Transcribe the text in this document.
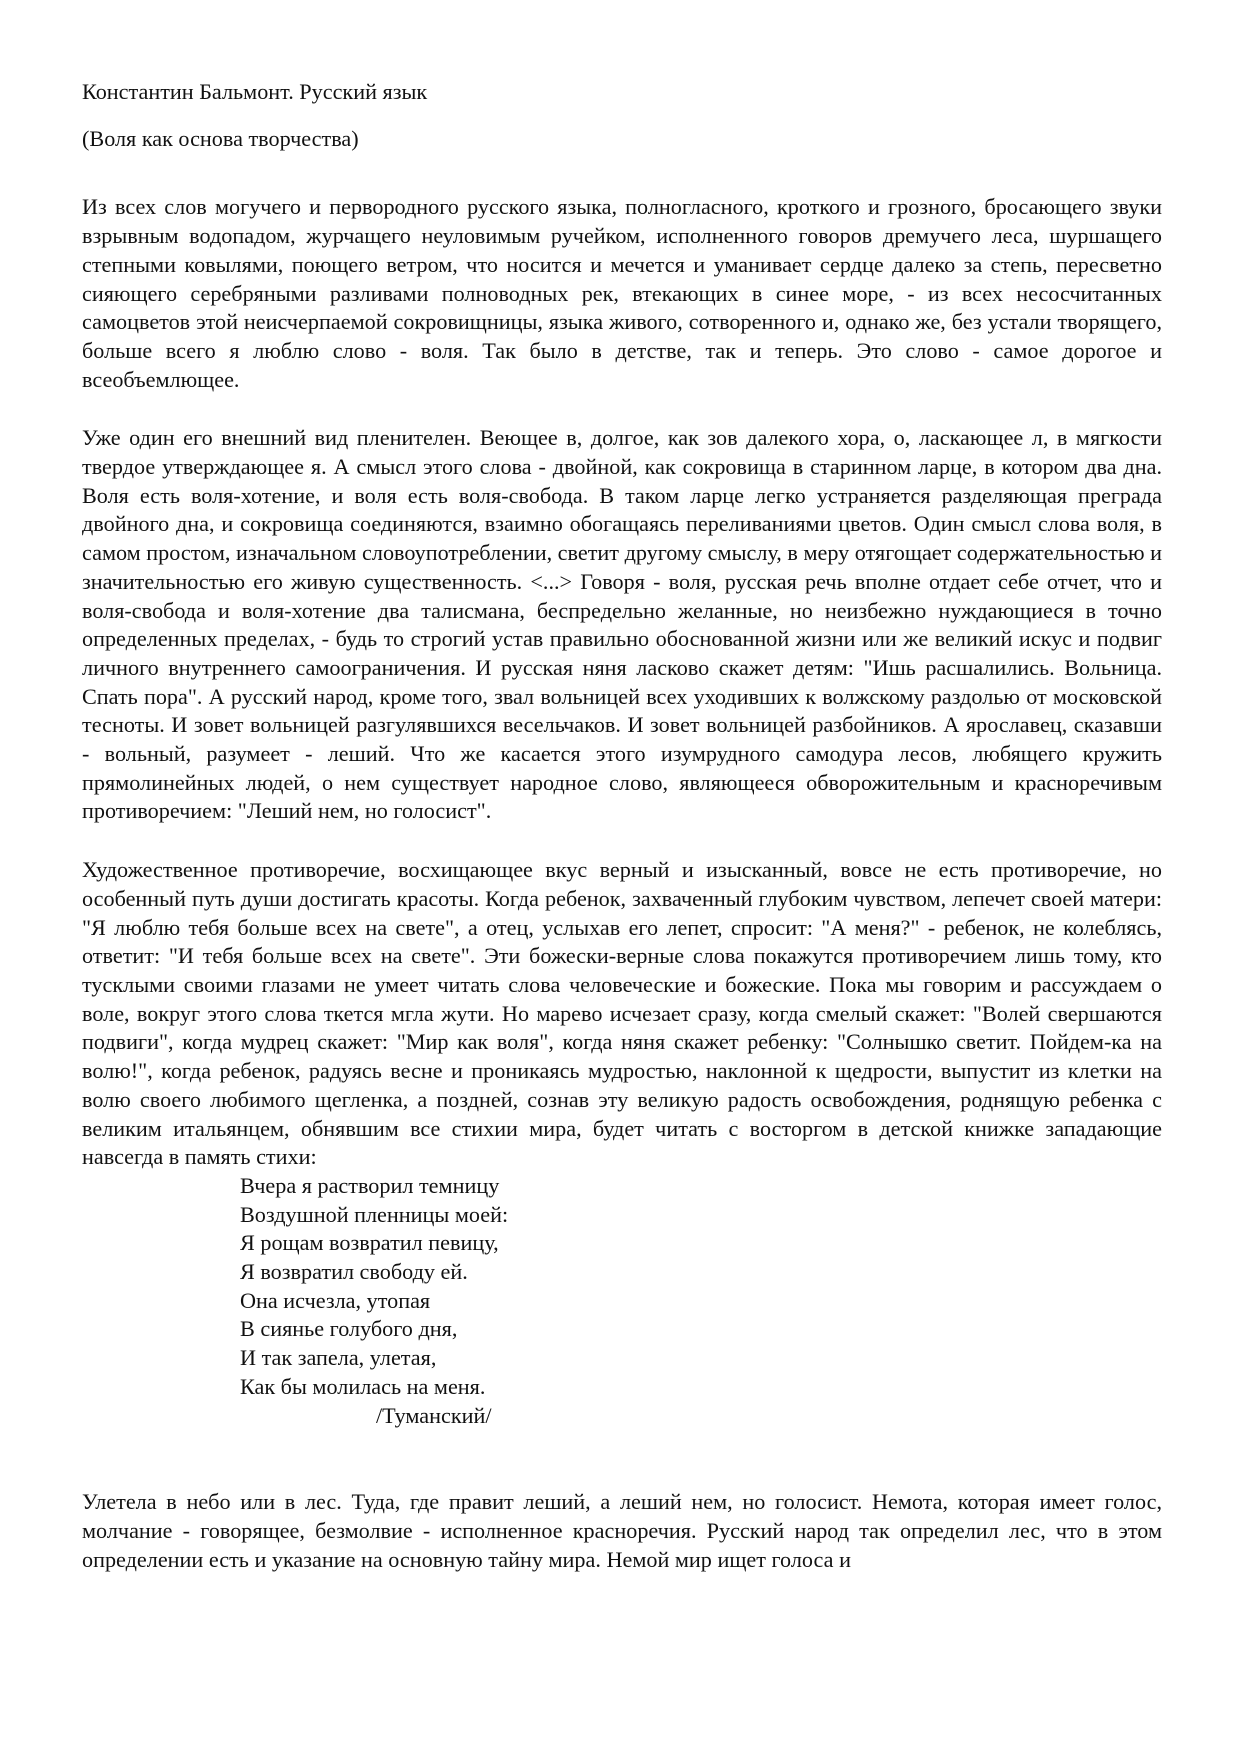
Константин Бальмонт. Русский язык

(Воля как основа творчества)

Из всех слов могучего и первородного русского языка, полногласного, кроткого и грозного, бросающего звуки взрывным водопадом, журчащего неуловимым ручейком, исполненного говоров дремучего леса, шуршащего степными ковылями, поющего ветром, что носится и мечется и уманивает сердце далеко за степь, пересветно сияющего серебряными разливами полноводных рек, втекающих в синее море, - из всех несосчитанных самоцветов этой неисчерпаемой сокровищницы, языка живого, сотворенного и, однако же, без устали творящего, больше всего я люблю слово - воля. Так было в детстве, так и теперь. Это слово - самое дорогое и всеобъемлющее.

Уже один его внешний вид пленителен. Веющее в, долгое, как зов далекого хора, о, ласкающее л, в мягкости твердое утверждающее я. А смысл этого слова - двойной, как сокровища в старинном ларце, в котором два дна. Воля есть воля-хотение, и воля есть воля-свобода. В таком ларце легко устраняется разделяющая преграда двойного дна, и сокровища соединяются, взаимно обогащаясь переливаниями цветов. Один смысл слова воля, в самом простом, изначальном словоупотреблении, светит другому смыслу, в меру отягощает содержательностью и значительностью его живую существенность. <...> Говоря - воля, русская речь вполне отдает себе отчет, что и воля-свобода и воля-хотение два талисмана, беспредельно желанные, но неизбежно нуждающиеся в точно определенных пределах, - будь то строгий устав правильно обоснованной жизни или же великий искус и подвиг личного внутреннего самоограничения. И русская няня ласково скажет детям: "Ишь расшалились. Вольница. Спать пора". А русский народ, кроме того, звал вольницей всех уходивших к волжскому раздолью от московской тесноты. И зовет вольницей разгулявшихся весельчаков. И зовет вольницей разбойников. А ярославец, сказавши - вольный, разумеет - леший. Что же касается этого изумрудного самодура лесов, любящего кружить прямолинейных людей, о нем существует народное слово, являющееся обворожительным и красноречивым противоречием: "Леший нем, но голосист".

Художественное противоречие, восхищающее вкус верный и изысканный, вовсе не есть противоречие, но особенный путь души достигать красоты. Когда ребенок, захваченный глубоким чувством, лепечет своей матери: "Я люблю тебя больше всех на свете", а отец, услыхав его лепет, спросит: "А меня?" - ребенок, не колеблясь, ответит: "И тебя больше всех на свете". Эти божески-верные слова покажутся противоречием лишь тому, кто тусклыми своими глазами не умеет читать слова человеческие и божеские. Пока мы говорим и рассуждаем о воле, вокруг этого слова ткется мгла жути. Но марево исчезает сразу, когда смелый скажет: "Волей свершаются подвиги", когда мудрец скажет: "Мир как воля", когда няня скажет ребенку: "Солнышко светит. Пойдем-ка на волю!", когда ребенок, радуясь весне и проникаясь мудростью, наклонной к щедрости, выпустит из клетки на волю своего любимого щегленка, а поздней, сознав эту великую радость освобождения, роднящую ребенка с великим итальянцем, обнявшим все стихии мира, будет читать с восторгом в детской книжке западающие навсегда в память стихи:

Вчера я растворил темницу
Воздушной пленницы моей:
Я рощам возвратил певицу,
Я возвратил свободу ей.
Она исчезла, утопая
В сиянье голубого дня,
И так запела, улетая,
Как бы молилась на меня.

/Туманский/

Улетела в небо или в лес. Туда, где правит леший, а леший нем, но голосист. Немота, которая имеет голос, молчание - говорящее, безмолвие - исполненное красноречия. Русский народ так определил лес, что в этом определении есть и указание на основную тайну мира. Немой мир ищет голоса и
